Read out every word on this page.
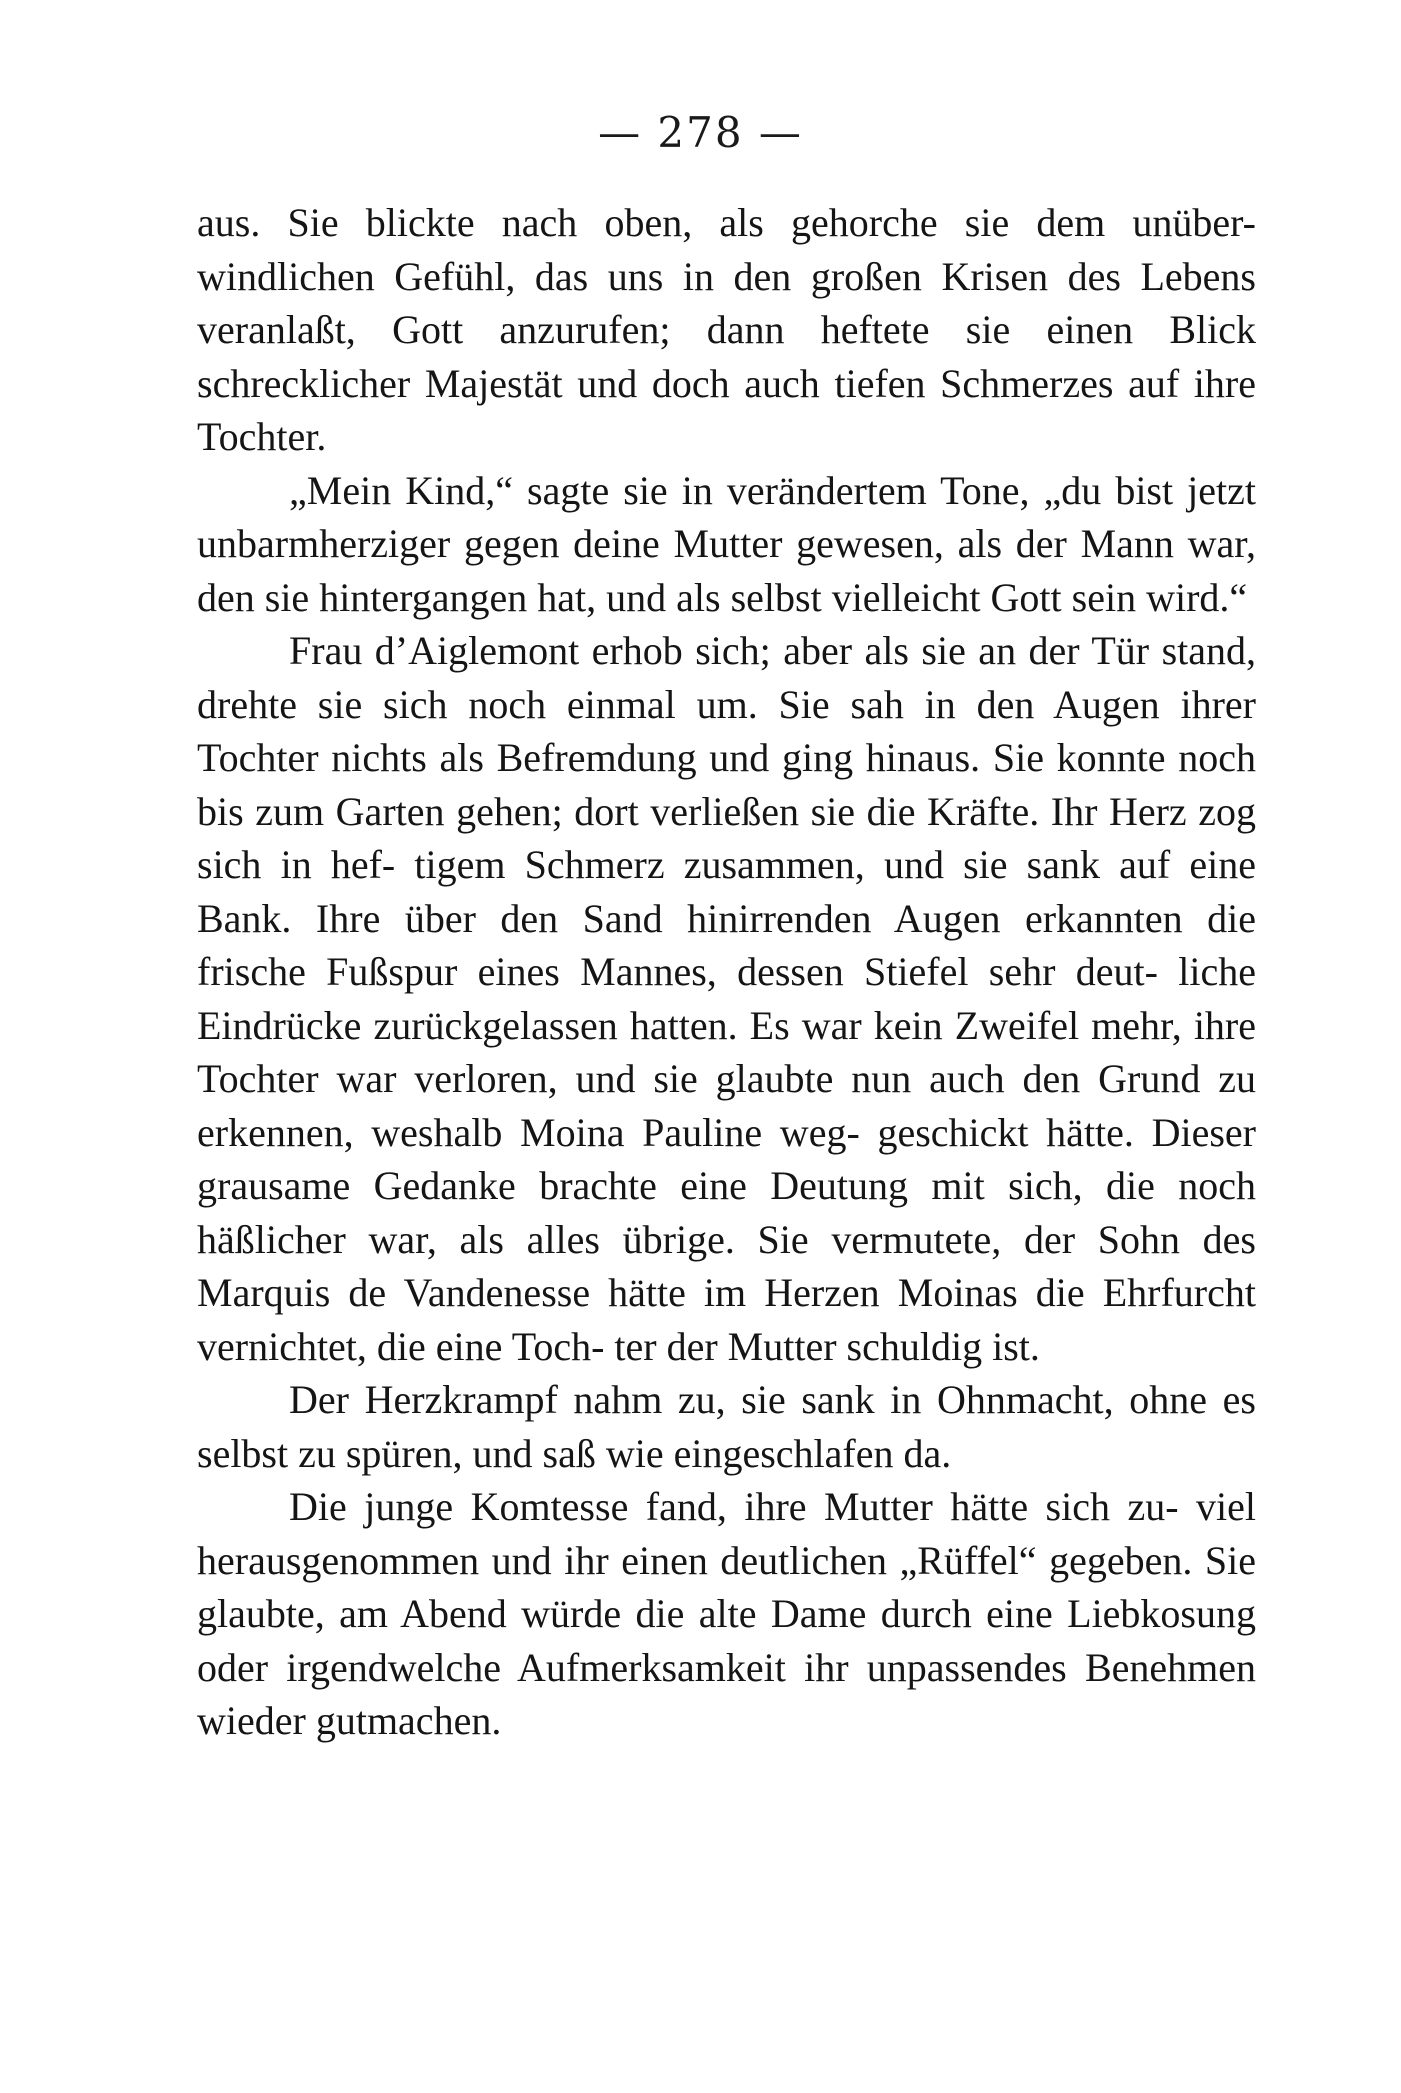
— 278 —

aus. Sie blickte nach oben, als gehorche sie dem unüber- windlichen Gefühl, das uns in den großen Krisen des Lebens veranlaßt, Gott anzurufen; dann heftete sie einen Blick schrecklicher Majestät und doch auch tiefen Schmerzes auf ihre Tochter.

„Mein Kind,“ sagte sie in verändertem Tone, „du bist jetzt unbarmherziger gegen deine Mutter gewesen, als der Mann war, den sie hintergangen hat, und als selbst vielleicht Gott sein wird.“

Frau d’Aiglemont erhob sich; aber als sie an der Tür stand, drehte sie sich noch einmal um. Sie sah in den Augen ihrer Tochter nichts als Befremdung und ging hinaus. Sie konnte noch bis zum Garten gehen; dort verließen sie die Kräfte. Ihr Herz zog sich in hef- tigem Schmerz zusammen, und sie sank auf eine Bank. Ihre über den Sand hinirrenden Augen erkannten die frische Fußspur eines Mannes, dessen Stiefel sehr deut- liche Eindrücke zurückgelassen hatten. Es war kein Zweifel mehr, ihre Tochter war verloren, und sie glaubte nun auch den Grund zu erkennen, weshalb Moina Pauline weg- geschickt hätte. Dieser grausame Gedanke brachte eine Deutung mit sich, die noch häßlicher war, als alles übrige. Sie vermutete, der Sohn des Marquis de Vandenesse hätte im Herzen Moinas die Ehrfurcht vernichtet, die eine Toch- ter der Mutter schuldig ist.

Der Herzkrampf nahm zu, sie sank in Ohnmacht, ohne es selbst zu spüren, und saß wie eingeschlafen da.

Die junge Komtesse fand, ihre Mutter hätte sich zu- viel herausgenommen und ihr einen deutlichen „Rüffel“ gegeben. Sie glaubte, am Abend würde die alte Dame durch eine Liebkosung oder irgendwelche Aufmerksamkeit ihr unpassendes Benehmen wieder gutmachen.
